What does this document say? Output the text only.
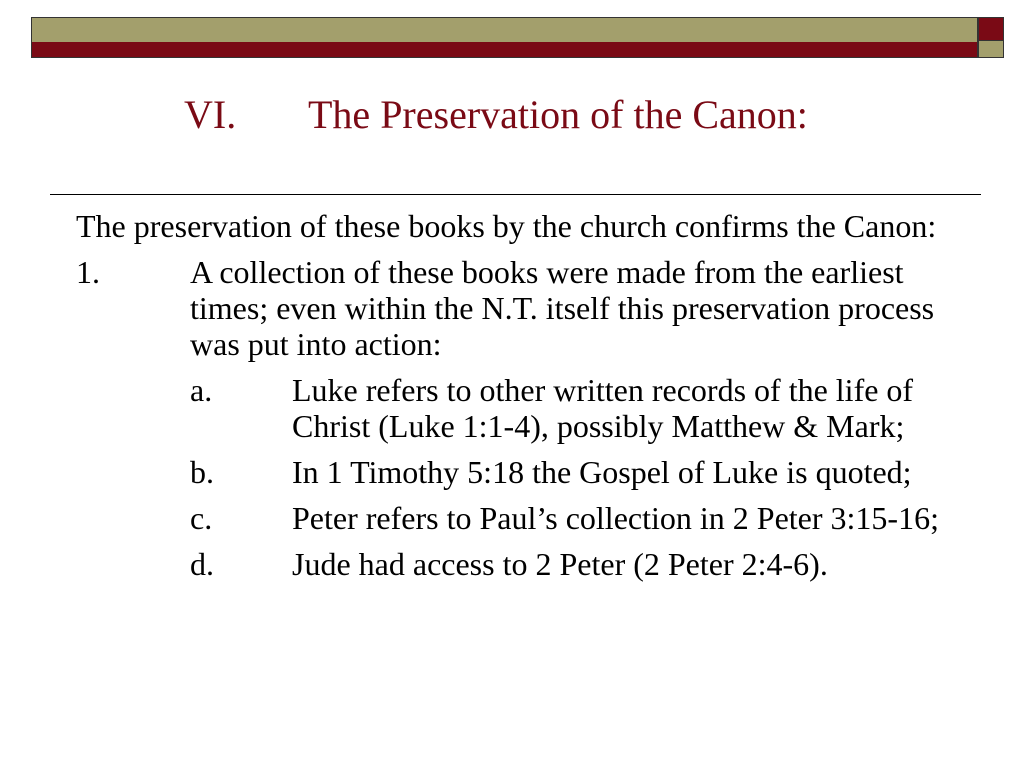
VI. The Preservation of the Canon:

The preservation of these books by the church confirms the Canon:

1.	A collection of these books were made from the earliest times; even within the N.T. itself this preservation process was put into action:
a.	Luke refers to other written records of the life of Christ (Luke 1:1-4), possibly Matthew & Mark;
b.	In 1 Timothy 5:18 the Gospel of Luke is quoted;
c.	Peter refers to Paul’s collection in 2 Peter 3:15-16;
d.	Jude had access to 2 Peter (2 Peter 2:4-6).
